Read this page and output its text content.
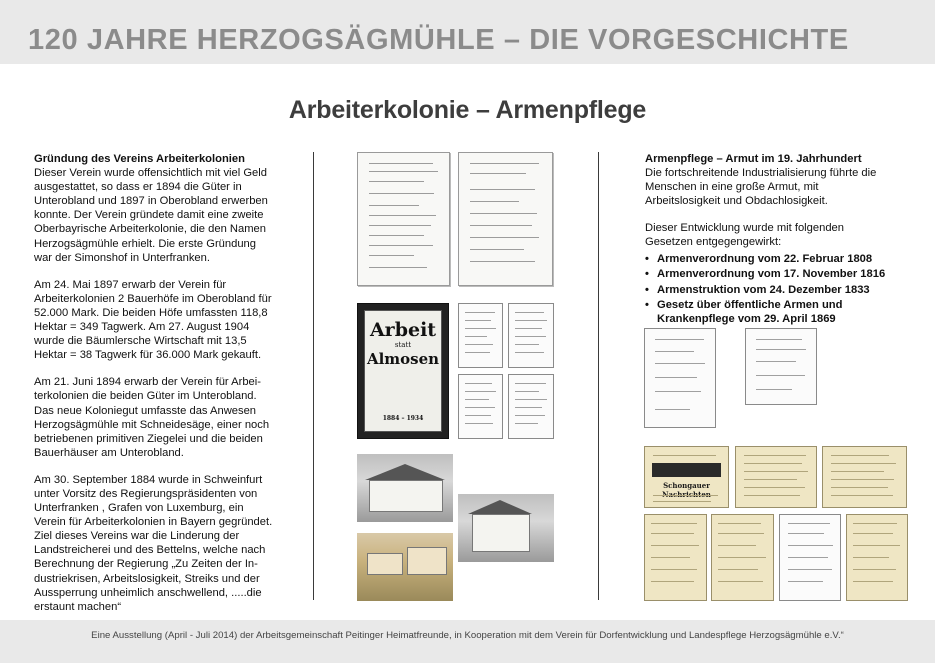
120 JAHRE HERZOGSÄGMÜHLE – DIE VORGESCHICHTE
Arbeiterkolonie – Armenpflege

Gründung des Vereins Arbeiterkolonien
Dieser Verein wurde offensichtlich mit viel Geld ausgestattet, so dass er 1894 die Güter in Unterobland und 1897 in Oberobland erwerben konnte. Der Verein gründete damit eine zweite Oberbayrische Arbeiterkolonie, die den Namen Herzogsägmühle erhielt. Die erste Gründung war der Simonshof in Unterfranken.

Am 24. Mai 1897 erwarb der Verein für Arbeiterkolonien 2 Bauerhöfe im Oberobland für 52.000 Mark. Die beiden Höfe umfassten 118,8 Hektar = 349 Tagwerk. Am 27. August 1904 wurde die Bäumlersche Wirtschaft mit 13,5 Hektar = 38 Tagwerk für 36.000 Mark gekauft.

Am 21. Juni 1894 erwarb der Verein für Arbeiterkolonien die beiden Güter im Unterobland. Das neue Koloniegut umfasste das Anwesen Herzogsägmühle mit Schneidesäge, einer noch betriebenen primitiven Ziegelei und die beiden Bauerhäuser am Unterobland.

Am 30. September 1884 wurde in Schweinfurt unter Vorsitz des Regierungspräsidenten von Unterfranken , Grafen von Luxemburg, ein Verein für Arbeiterkolonien in Bayern gegründet. Ziel dieses Vereins war die Linderung der Landstreicherei und des Bettelns, welche nach Berechnung der Regierung „Zu Zeiten der Industriekrisen, Arbeitslosigkeit, Streiks und der Aussperrung unheimlich anschwellend, .....die erstaunt machen“

Armenpflege – Armut im 19. Jahrhundert
Die fortschreitende Industrialisierung führte die Menschen in eine große Armut, mit Arbeitslosigkeit und Obdachlosigkeit.

Dieser Entwicklung wurde mit folgenden Gesetzen entgegengewirkt:

• Armenverordnung vom 22. Februar 1808
• Armenverordnung vom 17. November 1816
• Armenstruktion vom 24. Dezember 1833
• Gesetz über öffentliche Armen und Krankenpflege vom 29. April 1869
Arbeit
statt
Almosen
1884 – 1934
Schongauer
Eine Ausstellung (April - Juli 2014) der Arbeitsgemeinschaft Peitinger Heimatfreunde, in Kooperation mit dem Verein für Dorfentwicklung und Landespflege Herzogsägmühle e.V.“
